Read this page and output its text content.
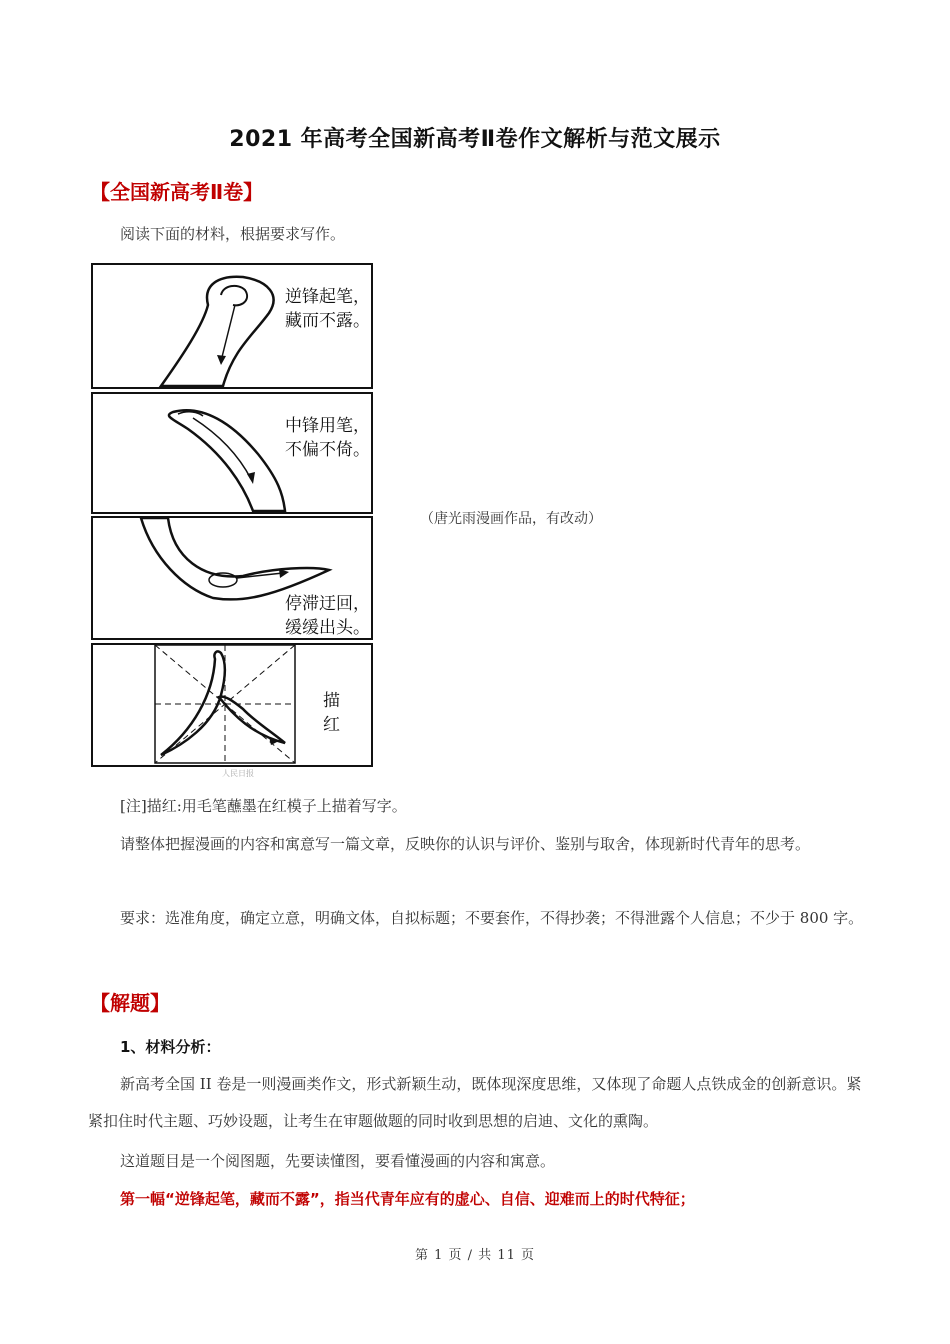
2021 年高考全国新高考Ⅱ卷作文解析与范文展示
【全国新高考Ⅱ卷】
阅读下面的材料，根据要求写作。
逆锋起笔，
藏而不露。
中锋用笔，
不偏不倚。
停滞迂回，
缓缓出头。
描
红
人民日报
（唐光雨漫画作品，有改动）
[注]描红:用毛笔蘸墨在红模子上描着写字。
请整体把握漫画的内容和寓意写一篇文章，反映你的认识与评价、鉴别与取舍，体现新时代青年的思考。
要求：选准角度，确定立意，明确文体，自拟标题；不要套作，不得抄袭；不得泄露个人信息；不少于 800 字。
【解题】
1、材料分析：
新高考全国 II 卷是一则漫画类作文，形式新颖生动，既体现深度思维，又体现了命题人点铁成金的创新意识。紧紧扣住时代主题、巧妙设题，让考生在审题做题的同时收到思想的启迪、文化的熏陶。
这道题目是一个阅图题，先要读懂图，要看懂漫画的内容和寓意。
第一幅“逆锋起笔，藏而不露”，指当代青年应有的虚心、自信、迎难而上的时代特征；
第 1 页 / 共 11 页
